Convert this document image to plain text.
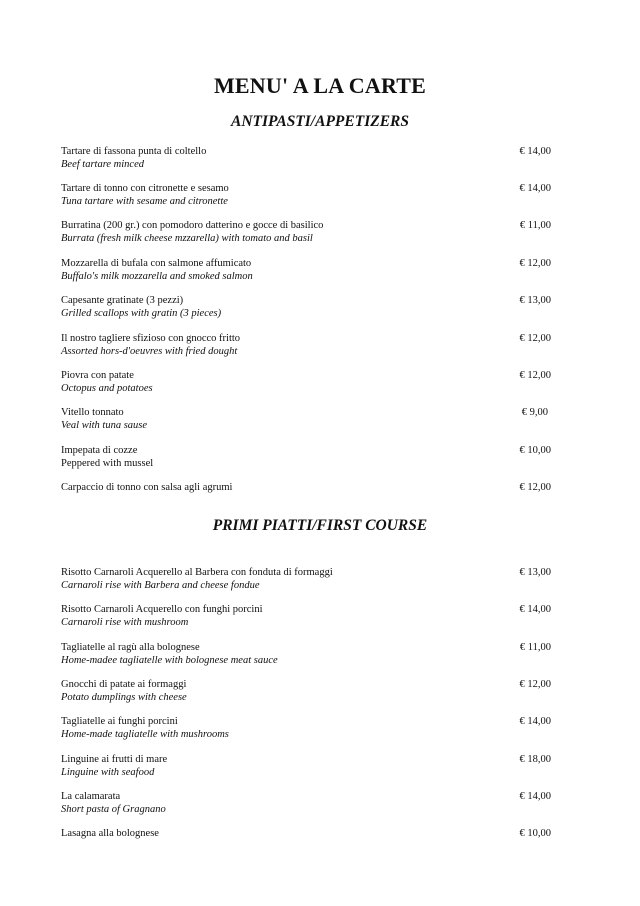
MENU' A LA CARTE
ANTIPASTI/APPETIZERS
Tartare di fassona punta di coltello
Beef tartare minced
€ 14,00
Tartare di tonno con citronette e sesamo
Tuna tartare with sesame and citronette
€ 14,00
Burratina (200 gr.) con pomodoro datterino e gocce di basilico
Burrata (fresh milk cheese mzzarella) with tomato and basil
€ 11,00
Mozzarella di bufala con salmone affumicato
Buffalo's milk mozzarella and smoked salmon
€ 12,00
Capesante gratinate (3 pezzi)
Grilled scallops with gratin (3 pieces)
€ 13,00
Il nostro tagliere sfizioso con gnocco fritto
Assorted hors-d'oeuvres with fried dought
€ 12,00
Piovra con patate
Octopus and potatoes
€ 12,00
Vitello tonnato
Veal with tuna sause
€ 9,00
Impepata di cozze
Peppered with mussel
€ 10,00
Carpaccio di tonno con salsa agli agrumi	€ 12,00
PRIMI PIATTI/FIRST COURSE
Risotto Carnaroli Acquerello al Barbera con fonduta di formaggi
Carnaroli rise with Barbera and cheese fondue
€ 13,00
Risotto Carnaroli Acquerello con funghi porcini
Carnaroli rise with mushroom
€ 14,00
Tagliatelle al ragù alla bolognese
Home-madee tagliatelle with bolognese meat sauce
€ 11,00
Gnocchi di patate ai formaggi
Potato dumplings with cheese
€ 12,00
Tagliatelle ai funghi porcini
Home-made tagliatelle with mushrooms
€ 14,00
Linguine ai frutti di mare
Linguine with seafood
€ 18,00
La calamarata
Short pasta of Gragnano
€ 14,00
Lasagna alla bolognese	€ 10,00
